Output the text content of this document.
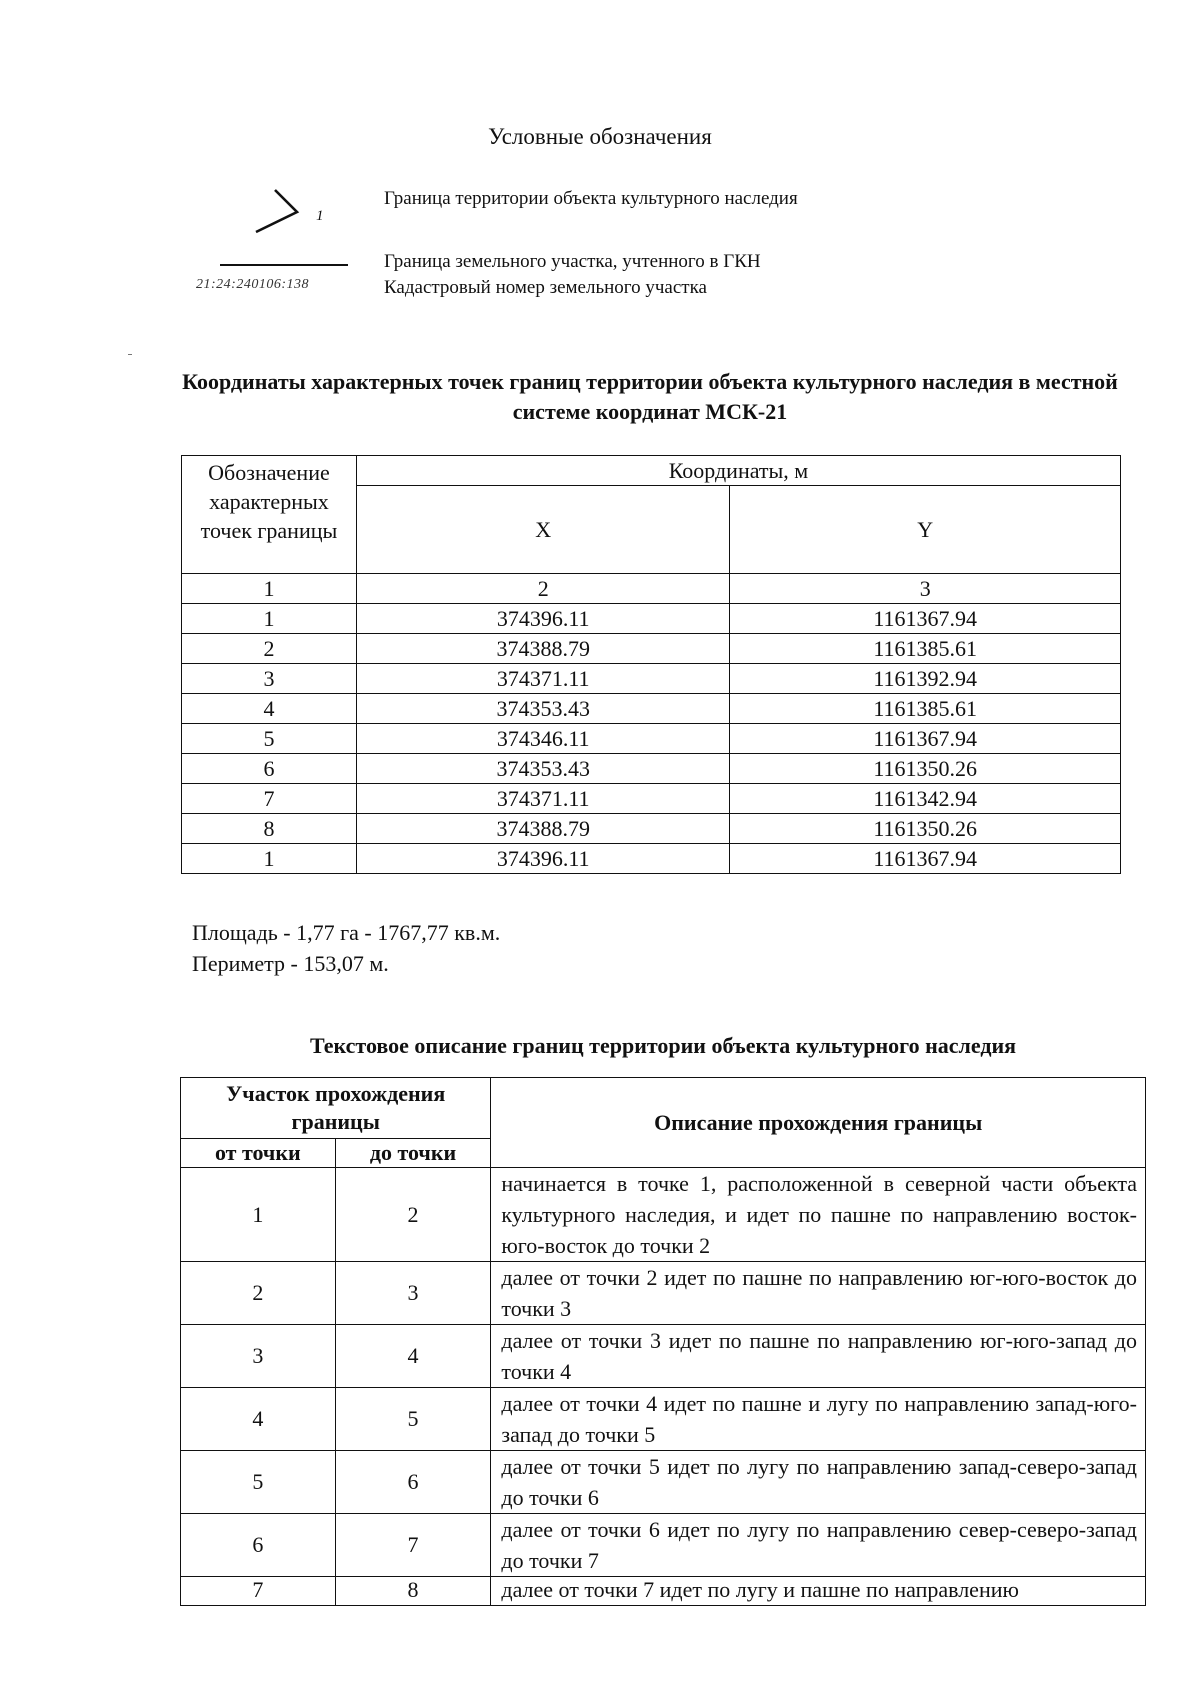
Условные обозначения
1
Граница территории объекта культурного наследия
Граница земельного участка, учтенного в ГКН
21:24:240106:138	Кадастровый номер земельного участка
Координаты характерных точек границ территории объекта культурного наследия в местной системе координат МСК-21
Обозначение характерных точек границы	Координаты, м	
	X	Y
1	2	3
1	374396.11	1161367.94
2	374388.79	1161385.61
3	374371.11	1161392.94
4	374353.43	1161385.61
5	374346.11	1161367.94
6	374353.43	1161350.26
7	374371.11	1161342.94
8	374388.79	1161350.26
1	374396.11	1161367.94
Площадь - 1,77 га - 1767,77 кв.м.
Периметр - 153,07 м.
Текстовое описание границ территории объекта культурного наследия
Участок прохождения границы		Описание прохождения границы
от точки	до точки	
1	2	начинается в точке 1, расположенной в северной части объекта культурного наследия, и идет по пашне по направлению восток-юго-восток до точки 2
2	3	далее от точки 2 идет по пашне по направлению юг-юго-восток до точки 3
3	4	далее от точки 3 идет по пашне по направлению юг-юго-запад до точки 4
4	5	далее от точки 4 идет по пашне и лугу по направлению запад-юго-запад до точки 5
5	6	далее от точки 5 идет по лугу по направлению запад-северо-запад до точки 6
6	7	далее от точки 6 идет по лугу по направлению север-северо-запад до точки 7
7	8	далее от точки 7 идет по лугу и пашне по направлению
